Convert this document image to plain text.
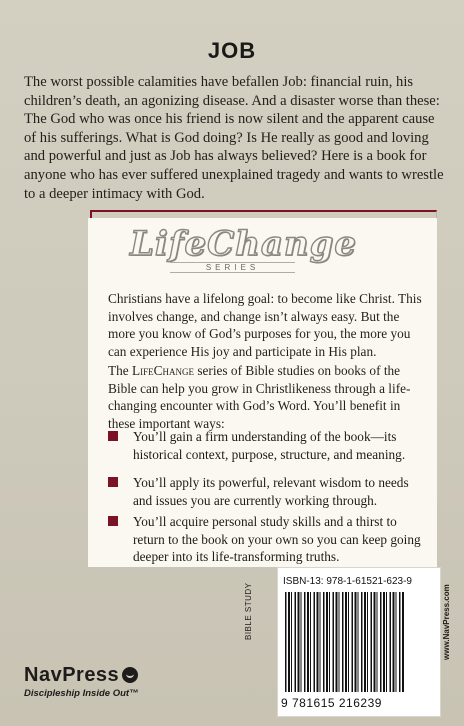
JOB

The worst possible calamities have befallen Job: financial ruin, his children’s death, an agonizing disease. And a disaster worse than these: The God who was once his friend is now silent and the apparent cause of his sufferings. What is God doing? Is He really as good and loving and powerful and just as Job has always believed? Here is a book for anyone who has ever suffered unexplained tragedy and wants to wrestle to a deeper intimacy with God.

LifeChange
SERIES

Christians have a lifelong goal: to become like Christ. This involves change, and change isn’t always easy. But the more you know of God’s purposes for you, the more you can experience His joy and participate in His plan.

The LifeChange series of Bible studies on books of the Bible can help you grow in Christlikeness through a life-changing encounter with God’s Word. You’ll benefit in these important ways:

You’ll gain a firm understanding of the book—its historical context, purpose, structure, and meaning.

You’ll apply its powerful, relevant wisdom to needs and issues you are currently working through.

You’ll acquire personal study skills and a thirst to return to the book on your own so you can keep going deeper into its life-transforming truths.

NavPress
Discipleship Inside Out™
BIBLE STUDY
ISBN-13: 978-1-61521-623-9
9 781615 216239
www.NavPress.com
